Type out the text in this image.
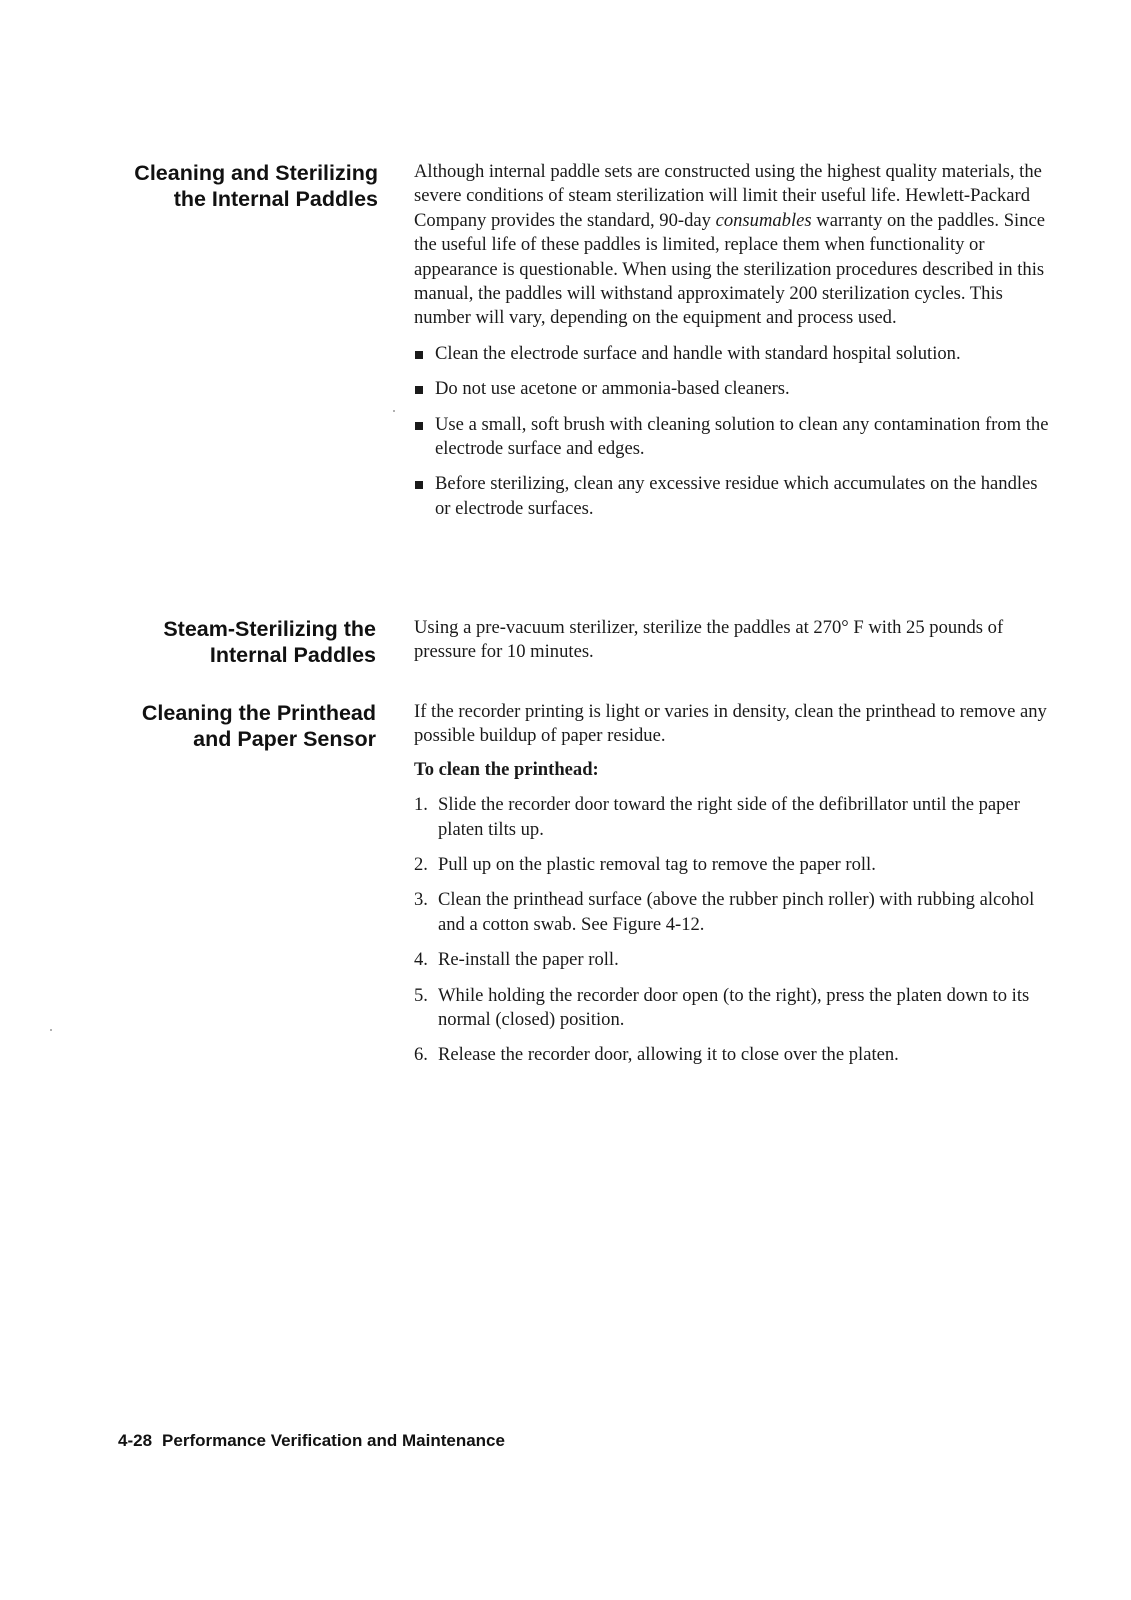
Cleaning and Sterilizing
the Internal Paddles

Although internal paddle sets are constructed using the highest quality materials, the severe conditions of steam sterilization will limit their useful life. Hewlett-Packard Company provides the standard, 90-day consumables warranty on the paddles. Since the useful life of these paddles is limited, replace them when functionality or appearance is questionable. When using the sterilization procedures described in this manual, the paddles will withstand approximately 200 sterilization cycles. This number will vary, depending on the equipment and process used.

Clean the electrode surface and handle with standard hospital solution.
Do not use acetone or ammonia-based cleaners.
Use a small, soft brush with cleaning solution to clean any contamination from the electrode surface and edges.
Before sterilizing, clean any excessive residue which accumulates on the handles or electrode surfaces.
Steam-Sterilizing the
Internal Paddles

Using a pre-vacuum sterilizer, sterilize the paddles at 270° F with 25 pounds of pressure for 10 minutes.

Cleaning the Printhead
and Paper Sensor

If the recorder printing is light or varies in density, clean the printhead to remove any possible buildup of paper residue.

To clean the printhead:

1. Slide the recorder door toward the right side of the defibrillator until the paper platen tilts up.
2. Pull up on the plastic removal tag to remove the paper roll.
3. Clean the printhead surface (above the rubber pinch roller) with rubbing alcohol and a cotton swab. See Figure 4-12.
4. Re-install the paper roll.
5. While holding the recorder door open (to the right), press the platen down to its normal (closed) position.
6. Release the recorder door, allowing it to close over the platen.
4-28 Performance Verification and Maintenance
